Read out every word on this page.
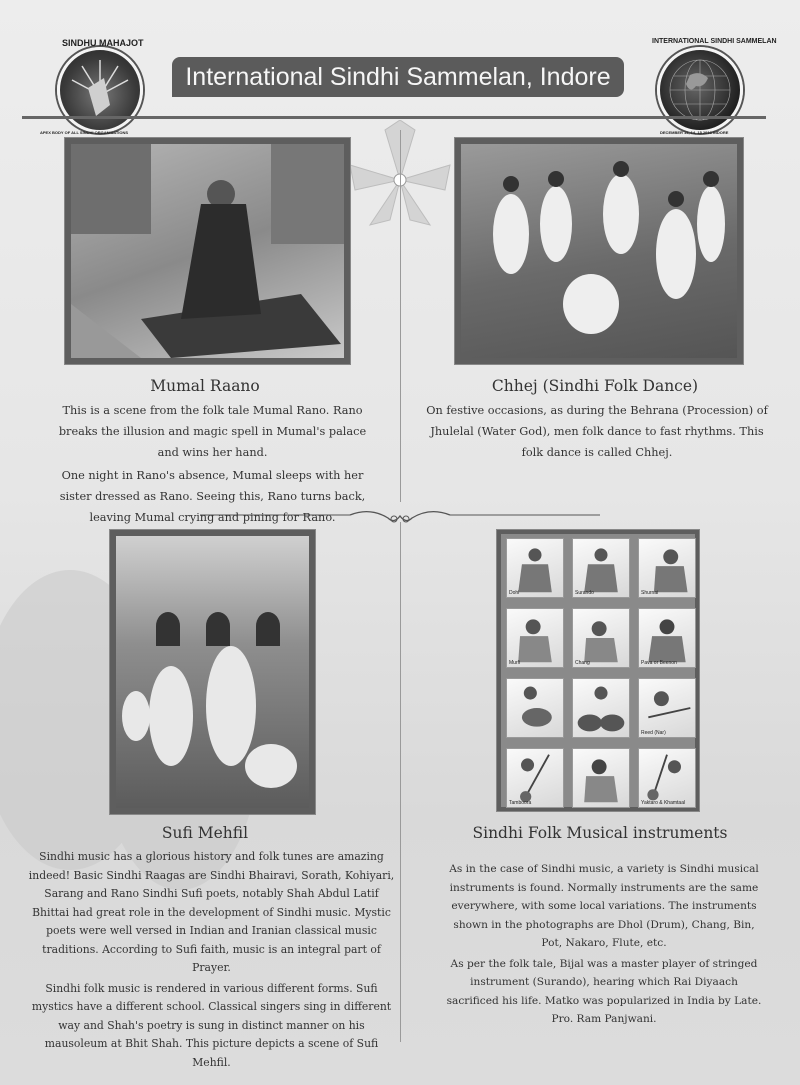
SINDHU MAHAJOT
APEX BODY OF ALL SINDHI ORGANISATIONS
International Sindhi Sammelan, Indore
INTERNATIONAL SINDHI SAMMELAN
DECEMBER 13, 14, 15 2013 INDORE
Dohl	Surando	Shurnai
Murli	Chang	Pava or Beenon
Reed (Nar)
Tamboora	Yaktaro & Khamtaal
Mumal Raano

This is a scene from the folk tale Mumal Rano. Rano breaks the illusion and magic spell in Mumal's palace and wins her hand.

One night in Rano's absence, Mumal sleeps with her sister dressed as Rano. Seeing this, Rano turns back, leaving Mumal crying and pining for Rano.

Chhej (Sindhi Folk Dance)

On festive occasions, as during the Behrana (Procession) of Jhulelal (Water God), men folk dance to fast rhythms. This folk dance is called Chhej.

Sufi Mehfil

Sindhi music has a glorious history and folk tunes are amazing indeed! Basic Sindhi Raagas are Sindhi Bhairavi, Sorath, Kohiyari, Sarang and Rano Sindhi Sufi poets, notably Shah Abdul Latif Bhittai had great role in the development of Sindhi music. Mystic poets were well versed in Indian and Iranian classical music traditions. According to Sufi faith, music is an integral part of Prayer.

Sindhi folk music is rendered in various different forms. Sufi mystics have a different school. Classical singers sing in different way and Shah's poetry is sung in distinct manner on his mausoleum at Bhit Shah. This picture depicts a scene of Sufi Mehfil.

Sindhi Folk Musical instruments

As in the case of Sindhi music, a variety is Sindhi musical instruments is found. Normally instruments are the same everywhere, with some local variations. The instruments shown in the photographs are Dhol (Drum), Chang, Bin, Pot, Nakaro, Flute, etc.

As per the folk tale, Bijal was a master player of stringed instrument (Surando), hearing which Rai Diyaach sacrificed his life. Matko was popularized in India by Late. Pro. Ram Panjwani.
